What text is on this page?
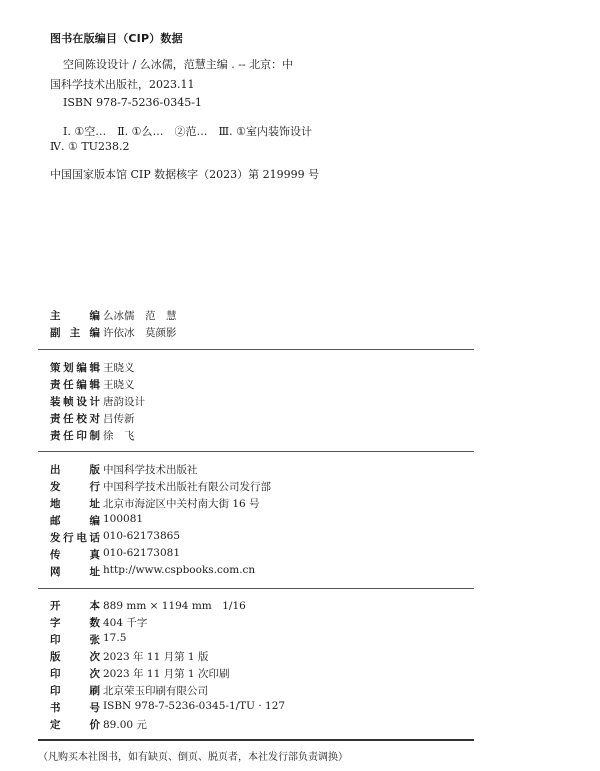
图书在版编目（CIP）数据
空间陈设设计 / 么冰儒，范慧主编 . -- 北京：中
国科学技术出版社，2023.11
ISBN 978-7-5236-0345-1
Ⅰ. ①空…　Ⅱ. ①么…　②范…　Ⅲ. ①室内装饰设计
Ⅳ. ① TU238.2
中国国家版本馆 CIP 数据核字（2023）第 219999 号
主编 么冰儒　范　慧
副主编 许依冰　莫颜影
策划编辑 王晓义
责任编辑 王晓义
装帧设计 唐韵设计
责任校对 吕传新
责任印制 徐　飞
出版 中国科学技术出版社
发行 中国科学技术出版社有限公司发行部
地址 北京市海淀区中关村南大街 16 号
邮编 100081
发行电话 010-62173865
传真 010-62173081
网址 http://www.cspbooks.com.cn
开本 889 mm × 1194 mm　1/16
字数 404 千字
印张 17.5
版次 2023 年 11 月第 1 版
印次 2023 年 11 月第 1 次印刷
印刷 北京荣玉印刷有限公司
书号 ISBN 978-7-5236-0345-1/TU · 127
定价 89.00 元
（凡购买本社图书，如有缺页、倒页、脱页者，本社发行部负责调换）
